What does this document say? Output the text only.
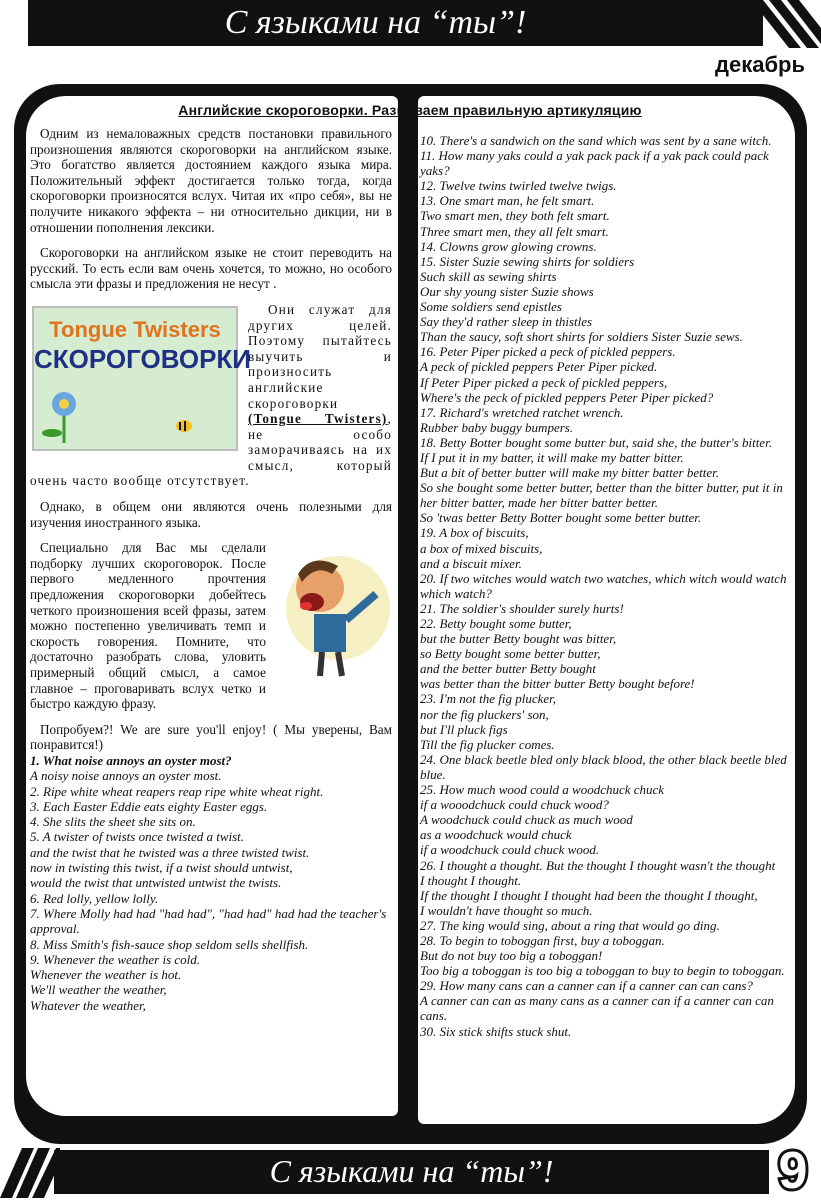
С языками на “ты”!
декабрь
Английские скороговорки. Развиваем правильную артикуляцию

Одним из немаловажных средств постановки правильного произношения являются скороговорки на английском языке. Это богатство является достоянием каждого языка мира. Положительный эффект достигается только тогда, когда скороговорки произносятся вслух. Читая их «про себя», вы не получите никакого эффекта – ни относительно дикции, ни в отношении пополнения лексики.

Скороговорки на английском языке не стоит переводить на русский. То есть если вам очень хочется, то можно, но особого смысла эти фразы и предложения не несут .

Tongue Twisters
СКОРОГОВОРКИ

Они служат для других целей. Поэтому пытайтесь выучить и произносить английские скороговорки (Tongue Twisters), не особо заморачиваясь на их смысл, который очень часто вообще отсутствует.

Однако, в общем они являются очень полезными для изучения иностранного языка.

Специально для Вас мы сделали подборку лучших скороговорок. После первого медленного прочтения предложения скороговорки добейтесь четкого произношения всей фразы, затем можно постепенно увеличивать темп и скорость говорения. Помните, что достаточно разобрать слова, уловить примерный общий смысл, а самое главное – проговаривать вслух четко и быстро каждую фразу.

Попробуем?! We are sure you'll enjoy! ( Мы уверены, Вам понравится!)

1. What noise annoys an oyster most?
A noisy noise annoys an oyster most.
2. Ripe white wheat reapers reap ripe white wheat right.
3. Each Easter Eddie eats eighty Easter eggs.
4. She slits the sheet she sits on.
5. A twister of twists once twisted a twist.
and the twist that he twisted was a three twisted twist.
now in twisting this twist, if a twist should untwist,
would the twist that untwisted untwist the twists.
6. Red lolly, yellow lolly.
7. Where Molly had had "had had", "had had" had had the teacher's approval.
8. Miss Smith's fish-sauce shop seldom sells shellfish.
9. Whenever the weather is cold.
Whenever the weather is hot.
We'll weather the weather,
Whatever the weather,
10. There's a sandwich on the sand which was sent by a sane witch.
11. How many yaks could a yak pack pack if a yak pack could pack yaks?
12. Twelve twins twirled twelve twigs.
13. One smart man, he felt smart.
Two smart men, they both felt smart.
Three smart men, they all felt smart.
14. Clowns grow glowing crowns.
15. Sister Suzie sewing shirts for soldiers
Such skill as sewing shirts
Our shy young sister Suzie shows
Some soldiers send epistles
Say they'd rather sleep in thistles
Than the saucy, soft short shirts for soldiers Sister Suzie sews.
16. Peter Piper picked a peck of pickled peppers.
A peck of pickled peppers Peter Piper picked.
If Peter Piper picked a peck of pickled peppers,
Where's the peck of pickled peppers Peter Piper picked?
17. Richard's wretched ratchet wrench.
Rubber baby buggy bumpers.
18. Betty Botter bought some butter but, said she, the butter's bitter.
If I put it in my batter, it will make my batter bitter.
But a bit of better butter will make my bitter batter better.
So she bought some better butter, better than the bitter butter, put it in her bitter batter, made her bitter batter better.
So 'twas better Betty Botter bought some better butter.
19. A box of biscuits,
a box of mixed biscuits,
and a biscuit mixer.
20. If two witches would watch two watches, which witch would watch which watch?
21. The soldier's shoulder surely hurts!
22. Betty bought some butter,
but the butter Betty bought was bitter,
so Betty bought some better butter,
and the better butter Betty bought
was better than the bitter butter Betty bought before!
23. I'm not the fig plucker,
nor the fig pluckers' son,
but I'll pluck figs
Till the fig plucker comes.
24. One black beetle bled only black blood, the other black beetle bled blue.
25. How much wood could a woodchuck chuck
if a wooodchuck could chuck wood?
A woodchuck could chuck as much wood
as a woodchuck would chuck
if a woodchuck could chuck wood.
26. I thought a thought. But the thought I thought wasn't the thought
I thought I thought.
If the thought I thought I thought had been the thought I thought,
I wouldn't have thought so much.
27. The king would sing, about a ring that would go ding.
28. To begin to toboggan first, buy a toboggan.
But do not buy too big a toboggan!
Too big a toboggan is too big a toboggan to buy to begin to toboggan.
29. How many cans can a canner can if a canner can can cans?
A canner can can as many cans as a canner can if a canner can can cans.
30. Six stick shifts stuck shut.
С языками на “ты”!	9
